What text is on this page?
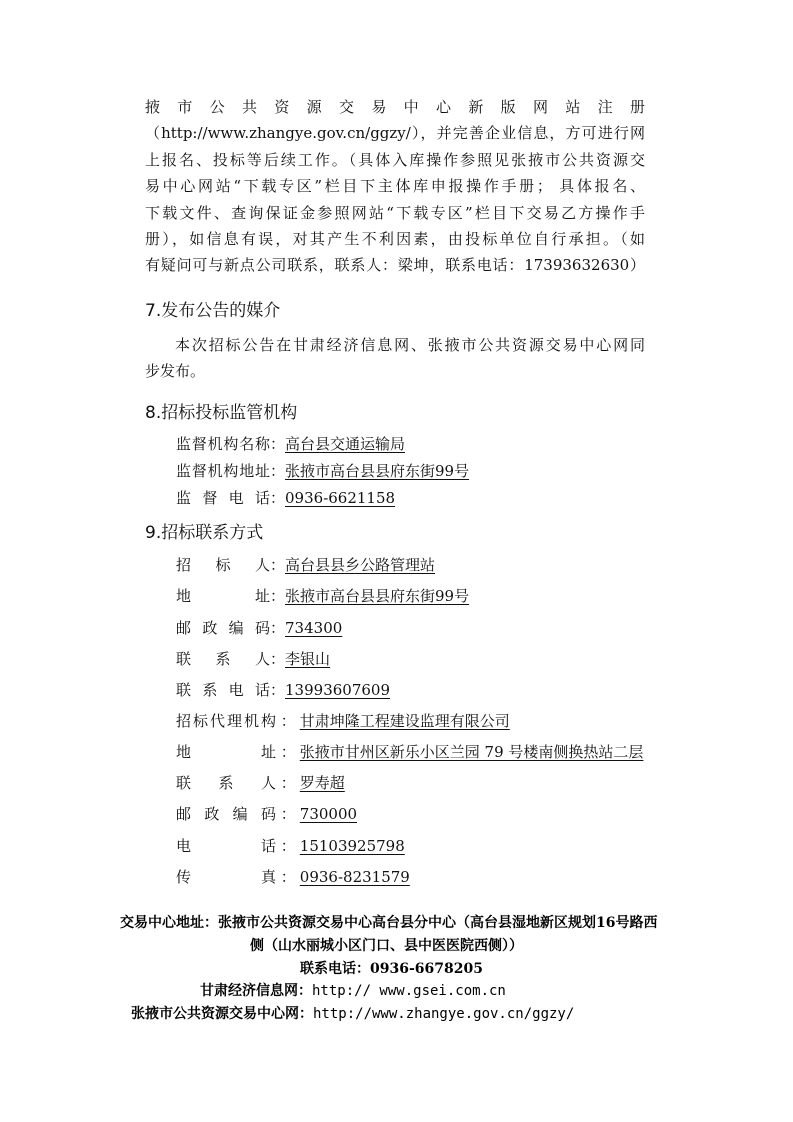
掖市公共资源交易中心新版网站注册
（http://www.zhangye.gov.cn/ggzy/），并完善企业信息，方可进行网
上报名、投标等后续工作。（具体入库操作参照见张掖市公共资源交
易中心网站“下载专区”栏目下主体库申报操作手册； 具体报名、
下载文件、查询保证金参照网站“下载专区”栏目下交易乙方操作手
册），如信息有误，对其产生不利因素，由投标单位自行承担。（如
有疑问可与新点公司联系，联系人：梁坤，联系电话：17393632630）
7.发布公告的媒介
本次招标公告在甘肃经济信息网、张掖市公共资源交易中心网同
步发布。
8.招标投标监管机构
监督机构名称：高台县交通运输局
监督机构地址：张掖市高台县县府东街99号
监督电话：0936-6621158
9.招标联系方式
招标人：高台县县乡公路管理站
地址：张掖市高台县县府东街99号
邮政编码：734300
联系人：李银山
联系电话：13993607609
招标代理机构 ： 甘肃坤隆工程建设监理有限公司
地址 ： 张掖市甘州区新乐小区兰园 79 号楼南侧换热站二层
联系人 ： 罗寿超
邮政编码 ： 730000
电话 ： 15103925798
传真 ： 0936-8231579
交易中心地址：张掖市公共资源交易中心高台县分中心（高台县湿地新区规划16号路西
侧（山水丽城小区门口、县中医医院西侧））
联系电话：0936-6678205
甘肃经济信息网：http:// www.gsei.com.cn
张掖市公共资源交易中心网：http://www.zhangye.gov.cn/ggzy/
